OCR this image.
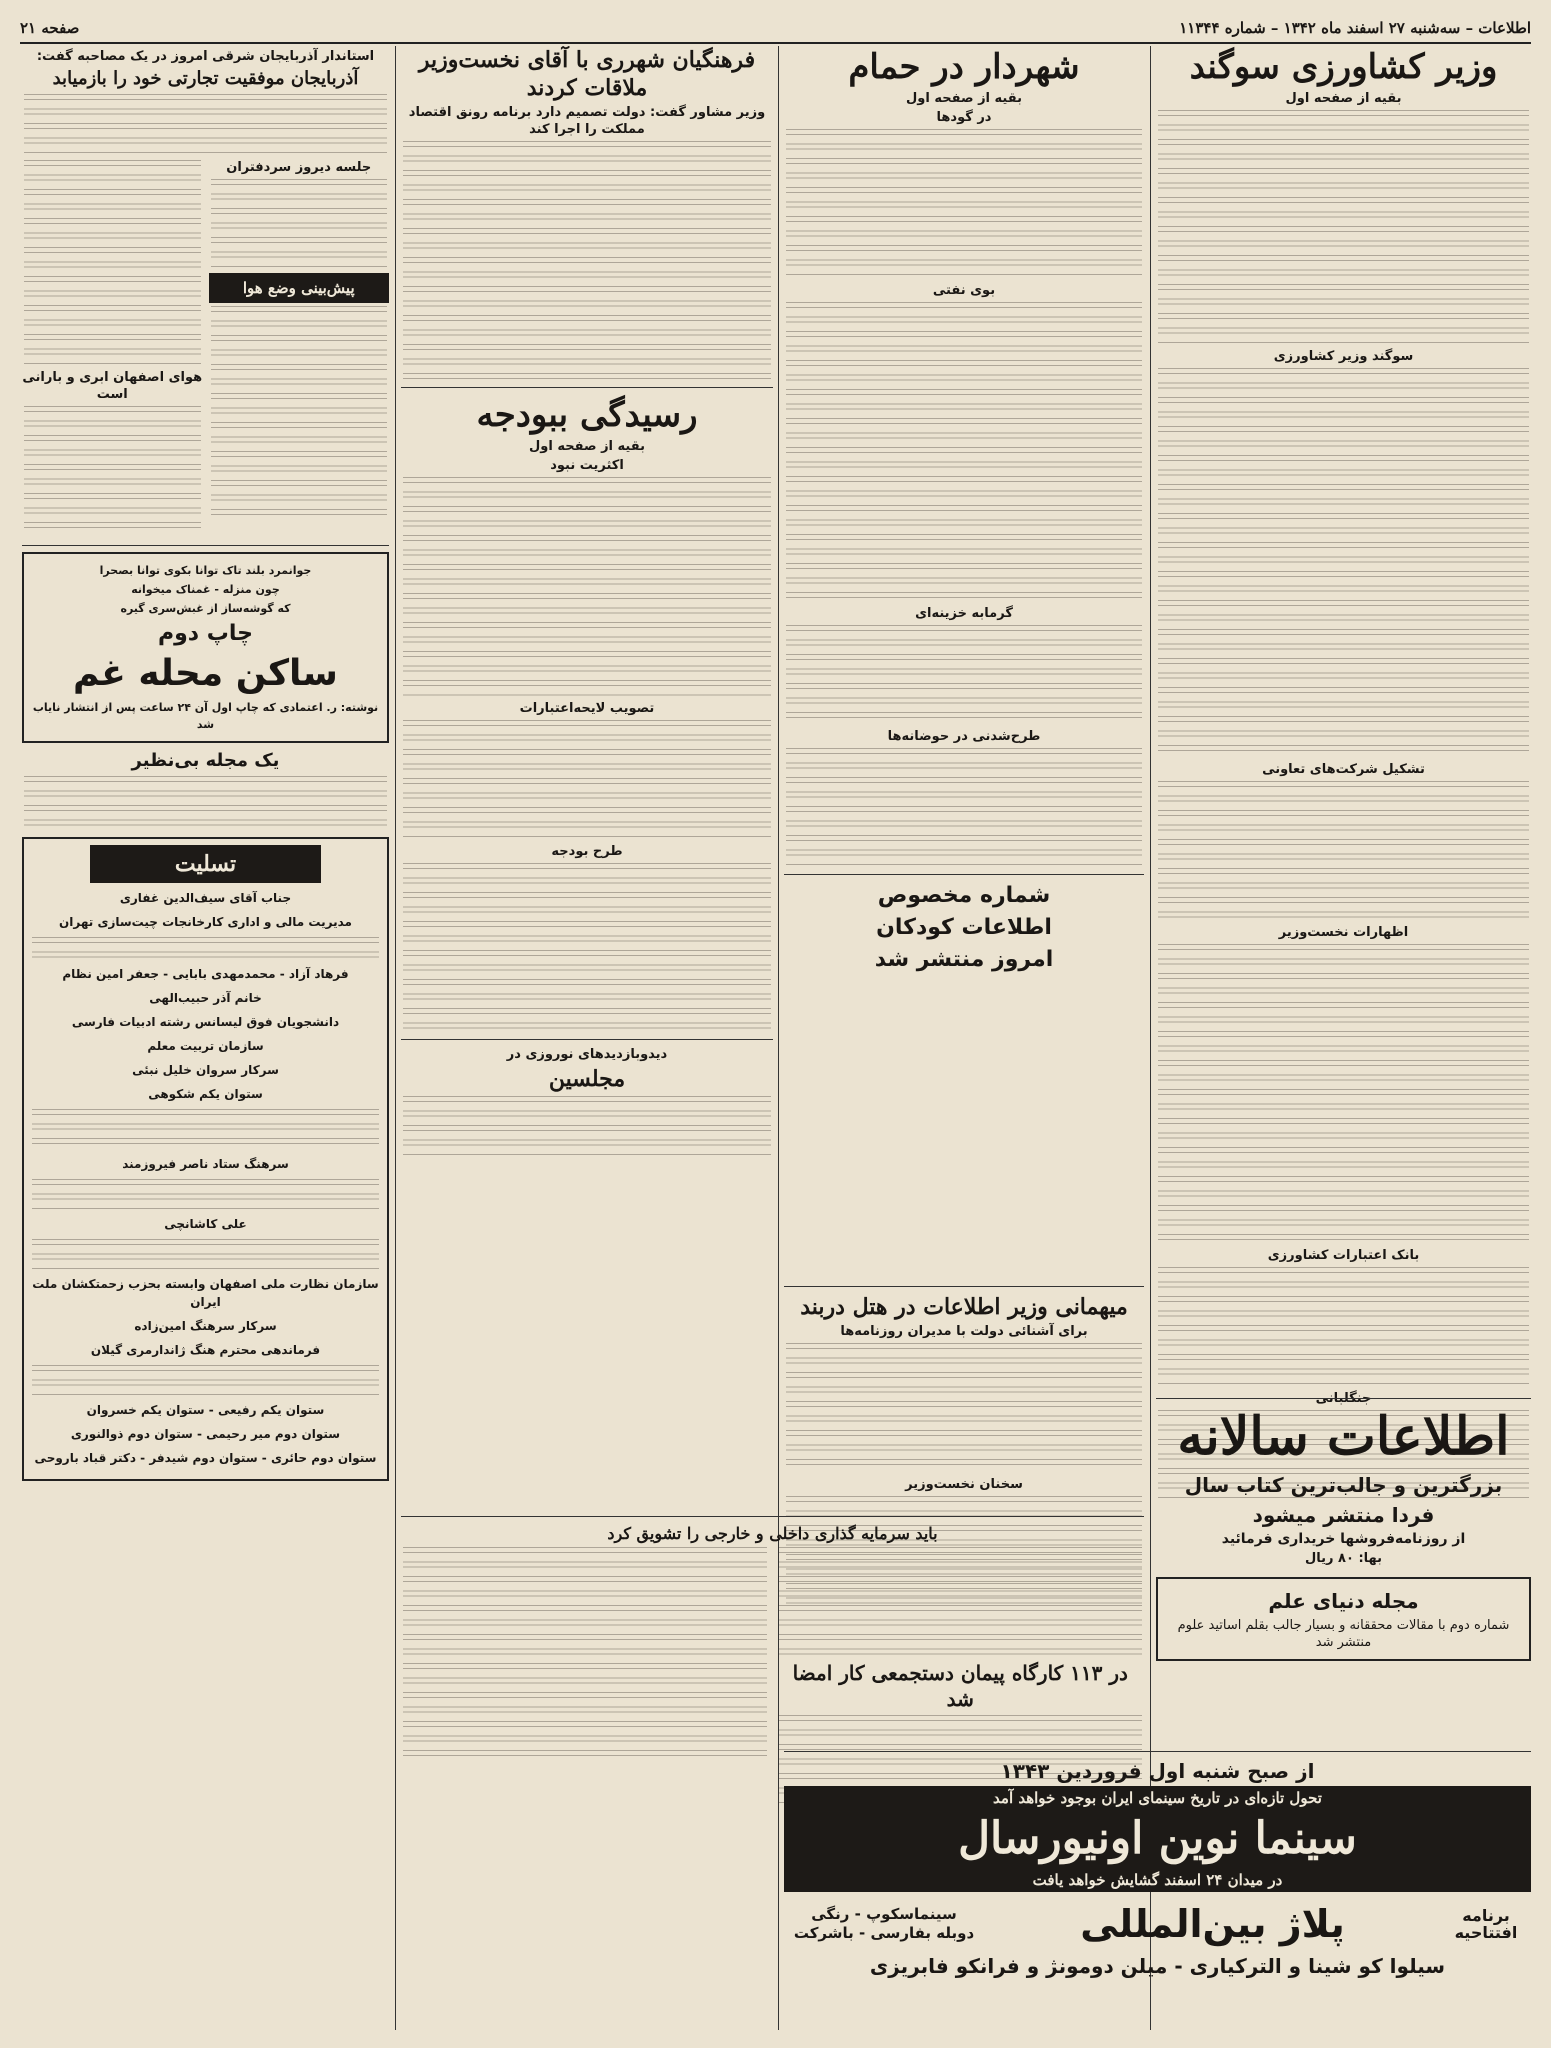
اطلاعات – سه‌شنبه ۲۷ اسفند ماه ۱۳۴۲ – شماره ۱۱۳۴۴
صفحه ۲۱
وزیر کشاورزی سوگند
بقیه از صفحه اول
سوگند وزیر کشاورزی
تشکیل شرکت‌های تعاونی
اظهارات نخست‌وزیر
بانک اعتبارات کشاورزی
جنگلبانی
اطلاعات سالانه
بزرگترین و جالب‌ترین کتاب سال
فردا منتشر میشود
از روزنامه‌فروشها خریداری فرمائید
بها: ۸۰ ریال
مجله دنیای علم
شماره دوم با مقالات محققانه و بسیار جالب بقلم اساتید علوم منتشر شد
شهردار در حمام
بقیه از صفحه اول
در گودها
بوی نفتی
گرمابه خزینه‌ای
طرح‌شدنی در حوضانه‌ها
شماره مخصوص
اطلاعات کودکان
امروز منتشر شد
میهمانی وزیر اطلاعات در هتل دربند
برای آشنائی دولت با مدیران روزنامه‌ها
سخنان نخست‌وزیر
فرهنگیان شهرری با آقای نخست‌وزیر ملاقات کردند
وزیر مشاور گفت: دولت تصمیم دارد برنامه رونق اقتصاد مملکت را اجرا کند
رسیدگی ببودجه
بقیه از صفحه اول
اکثریت نبود
تصویب لایحه‌اعتبارات
طرح بودجه
دیدوبازدیدهای نوروزی در
مجلسین
باید سرمایه گذاری داخلی و خارجی را تشویق کرد
در ۱۱۳ کارگاه پیمان دستجمعی کار امضا شد
استاندار آذربایجان شرقی امروز در یک مصاحبه گفت:
آذربایجان موفقیت تجارتی خود را بازمیابد
جلسه دیروز سردفتران
پیش‌بینی وضع هوا
هوای اصفهان ابری و بارانی است
جوانمرد بلند تاک توانا بکوی توانا بصحرا
چون منزله - غمناک میخوانه
که گوشه‌ساز از غبش‌سری گیره
چاپ دوم
ساکن محله غم
نوشته: ر. اعتمادی که چاپ اول آن ۲۴ ساعت پس از انتشار نایاب شد
یک مجله بی‌نظیر
تسلیت
جناب آقای سیف‌الدین غفاری
مدیریت مالی و اداری کارخانجات چیت‌سازی تهران
فرهاد آزاد - محمدمهدی بابایی - جعفر امین نظام
خانم آذر حبیب‌الهی
دانشجویان فوق لیسانس رشته ادبیات فارسی
سازمان تربیت معلم
سرکار سروان خلیل نبئی
ستوان یکم شکوهی
سرهنگ ستاد ناصر فیروزمند
علی کاشانچی
سازمان نظارت ملی اصفهان وابسته بحزب زحمتکشان ملت ایران
سرکار سرهنگ امین‌زاده
فرماندهی محترم هنگ ژاندارمری گیلان
ستوان یکم رفیعی - ستوان یکم خسروان
ستوان دوم میر رحیمی - ستوان دوم ذوالنوری
ستوان دوم حائری - ستوان دوم شیدفر - دکتر قباد باروحی
از صبح شنبه اول فروردین ۱۳۴۳
تحول تازه‌ای در تاریخ سینمای ایران بوجود خواهد آمد
سینما نوین اونیورسال
در میدان ۲۴ اسفند گشایش خواهد یافت
برنامه افتتاحیه
پلاژ بین‌المللی
سینماسکوپ - رنگی
دوبله بفارسی - باشرکت
سیلوا کو شینا و الترکیاری - میلن دومونژ و فرانکو فابریزی
